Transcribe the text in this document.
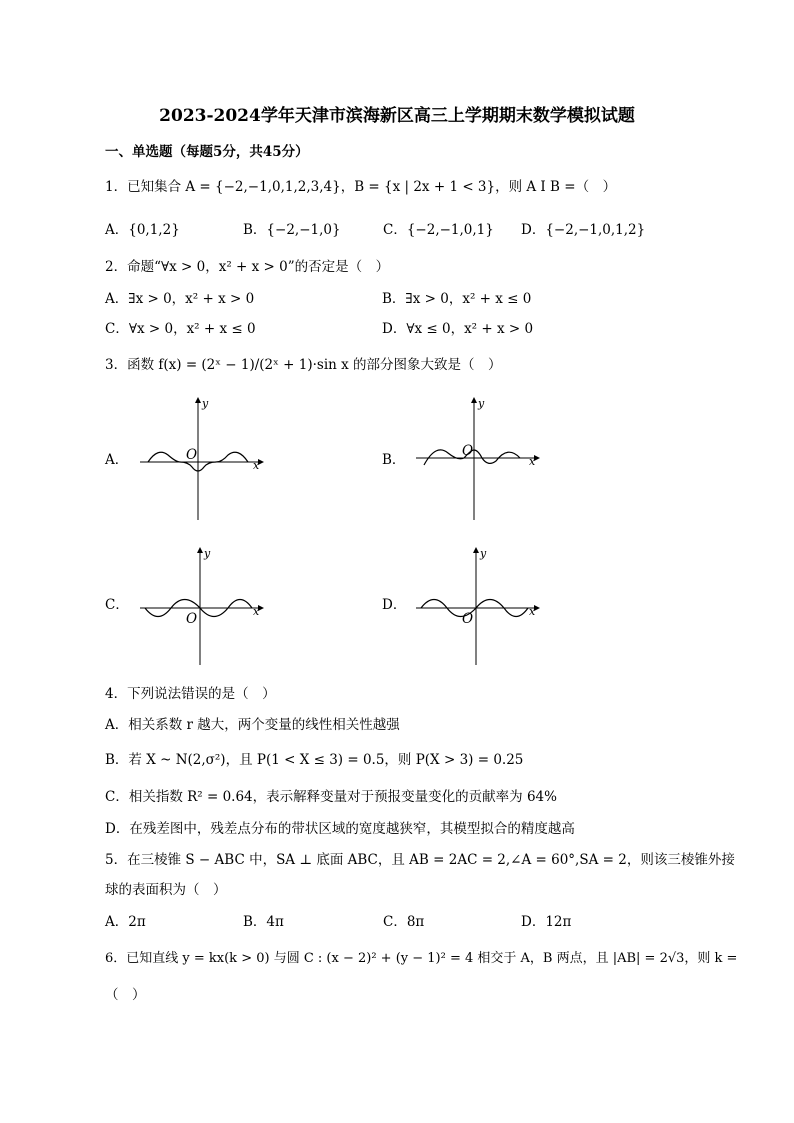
2023-2024学年天津市滨海新区高三上学期期末数学模拟试题
一、单选题（每题5分，共45分）
1．已知集合 A = {−2,−1,0,1,2,3,4}，B = {x | 2x + 1 < 3}，则 A I B =（　）
A．{0,1,2}	B．{−2,−1,0}	C．{−2,−1,0,1} D．{−2,−1,0,1,2}
2．命题“∀x > 0，x² + x > 0”的否定是（　）
A．∃x > 0，x² + x > 0	B．∃x > 0，x² + x ≤ 0
C．∀x > 0，x² + x ≤ 0	D．∀x ≤ 0，x² + x > 0
3．函数 f(x) = (2ˣ − 1)/(2ˣ + 1)·sin x 的部分图象大致是（　）
A．	B．
C．	D．
O
x
y
O
x
y
O	x
y
O	x
y
4．下列说法错误的是（　）
A．相关系数 r 越大，两个变量的线性相关性越强
B．若 X ~ N(2,σ²)，且 P(1 < X ≤ 3) = 0.5，则 P(X > 3) = 0.25
C．相关指数 R² = 0.64，表示解释变量对于预报变量变化的贡献率为 64%
D．在残差图中，残差点分布的带状区域的宽度越狭窄，其模型拟合的精度越高
5．在三棱锥 S − ABC 中，SA ⊥ 底面 ABC，且 AB = 2AC = 2,∠A = 60°,SA = 2，则该三棱锥外接
球的表面积为（　）
A．2π	B．4π	C．8π	D．12π
6．已知直线 y = kx(k > 0) 与圆 C : (x − 2)² + (y − 1)² = 4 相交于 A，B 两点，且 |AB| = 2√3，则 k =
（　）
